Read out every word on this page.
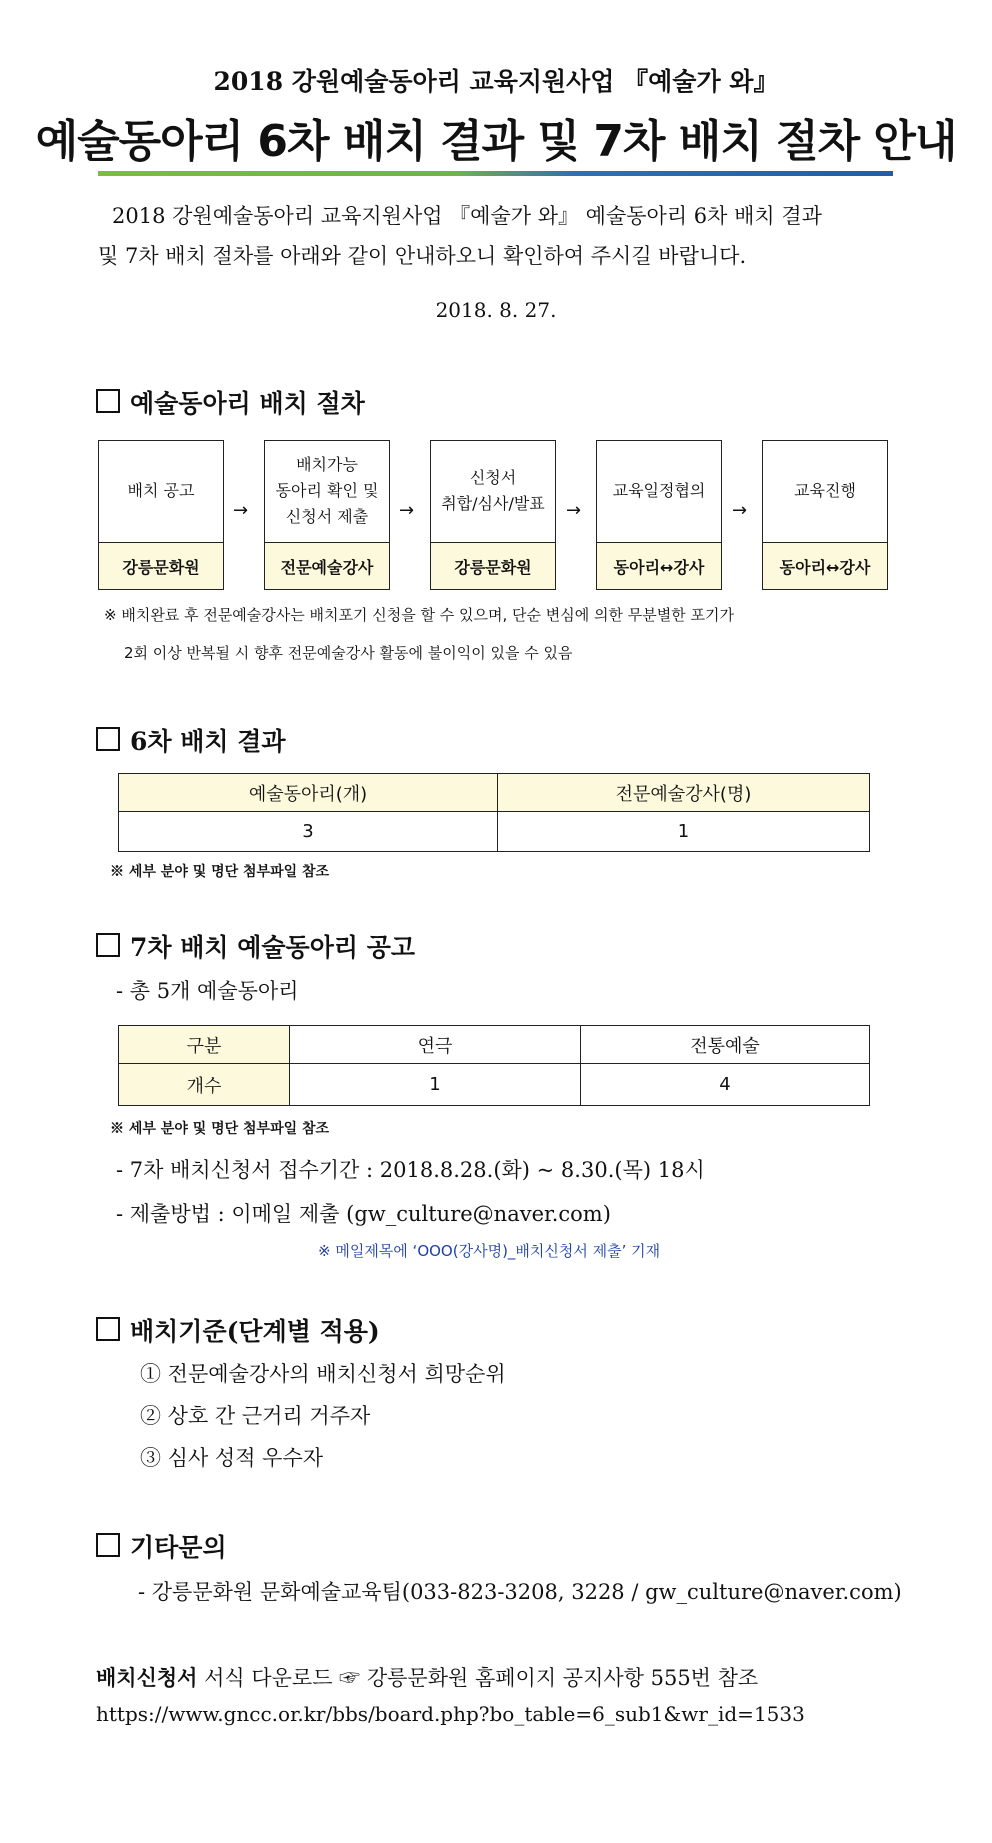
2018 강원예술동아리 교육지원사업 『예술가 와』
예술동아리 6차 배치 결과 및 7차 배치 절차 안내
2018 강원예술동아리 교육지원사업 『예술가 와』 예술동아리 6차 배치 결과
및 7차 배치 절차를 아래와 같이 안내하오니 확인하여 주시길 바랍니다.
2018. 8. 27.
예술동아리 배치 절차
배치 공고
강릉문화원
→
배치가능
동아리 확인 및
신청서 제출
전문예술강사
→
신청서
취합/심사/발표
강릉문화원
→
교육일정협의
동아리↔강사
→
교육진행
동아리↔강사
※ 배치완료 후 전문예술강사는 배치포기 신청을 할 수 있으며, 단순 변심에 의한 무분별한 포기가
2회 이상 반복될 시 향후 전문예술강사 활동에 불이익이 있을 수 있음
6차 배치 결과
예술동아리(개)	전문예술강사(명)
3	1
※ 세부 분야 및 명단 첨부파일 참조
7차 배치 예술동아리 공고
- 총 5개 예술동아리
구분	연극	전통예술
개수	1	4
※ 세부 분야 및 명단 첨부파일 참조
- 7차 배치신청서 접수기간 : 2018.8.28.(화) ~ 8.30.(목) 18시
- 제출방법 : 이메일 제출 (gw_culture@naver.com)
※ 메일제목에 ‘OOO(강사명)_배치신청서 제출’ 기재
배치기준(단계별 적용)
① 전문예술강사의 배치신청서 희망순위
② 상호 간 근거리 거주자
③ 심사 성적 우수자
기타문의
- 강릉문화원 문화예술교육팀(033-823-3208, 3228 / gw_culture@naver.com)
배치신청서 서식 다운로드 ☞ 강릉문화원 홈페이지 공지사항 555번 참조
https://www.gncc.or.kr/bbs/board.php?bo_table=6_sub1&wr_id=1533
